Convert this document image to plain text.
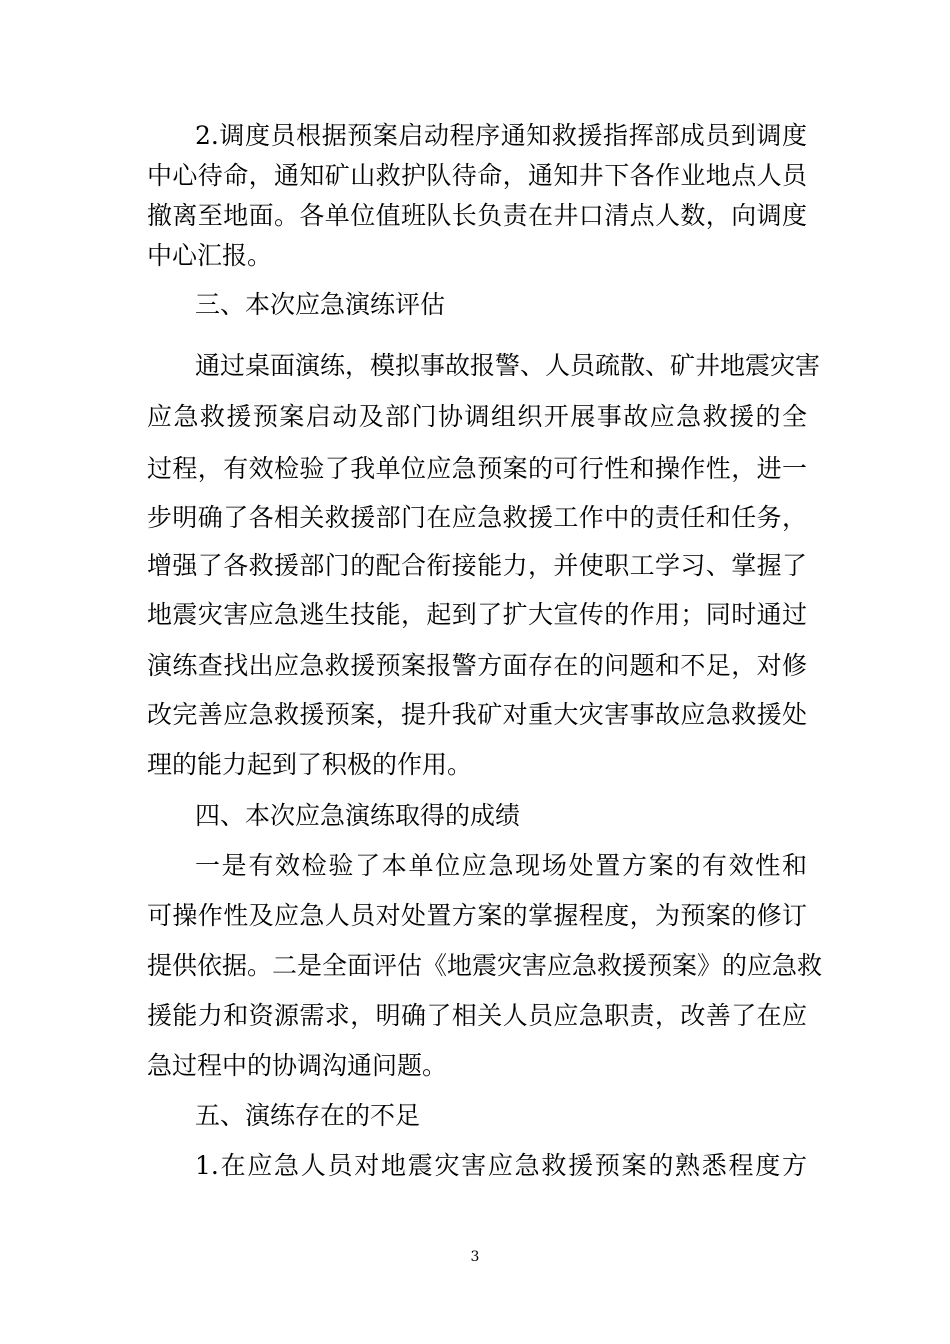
2.调度员根据预案启动程序通知救援指挥部成员到调度
中心待命，通知矿山救护队待命，通知井下各作业地点人员
撤离至地面。各单位值班队长负责在井口清点人数，向调度
中心汇报。
三、本次应急演练评估
通过桌面演练，模拟事故报警、人员疏散、矿井地震灾害
应急救援预案启动及部门协调组织开展事故应急救援的全
过程，有效检验了我单位应急预案的可行性和操作性，进一
步明确了各相关救援部门在应急救援工作中的责任和任务，
增强了各救援部门的配合衔接能力，并使职工学习、掌握了
地震灾害应急逃生技能，起到了扩大宣传的作用；同时通过
演练查找出应急救援预案报警方面存在的问题和不足，对修
改完善应急救援预案，提升我矿对重大灾害事故应急救援处
理的能力起到了积极的作用。
四、本次应急演练取得的成绩
一是有效检验了本单位应急现场处置方案的有效性和
可操作性及应急人员对处置方案的掌握程度，为预案的修订
提供依据。二是全面评估《地震灾害应急救援预案》的应急救
援能力和资源需求，明确了相关人员应急职责，改善了在应
急过程中的协调沟通问题。
五、演练存在的不足
1.在应急人员对地震灾害应急救援预案的熟悉程度方
3
